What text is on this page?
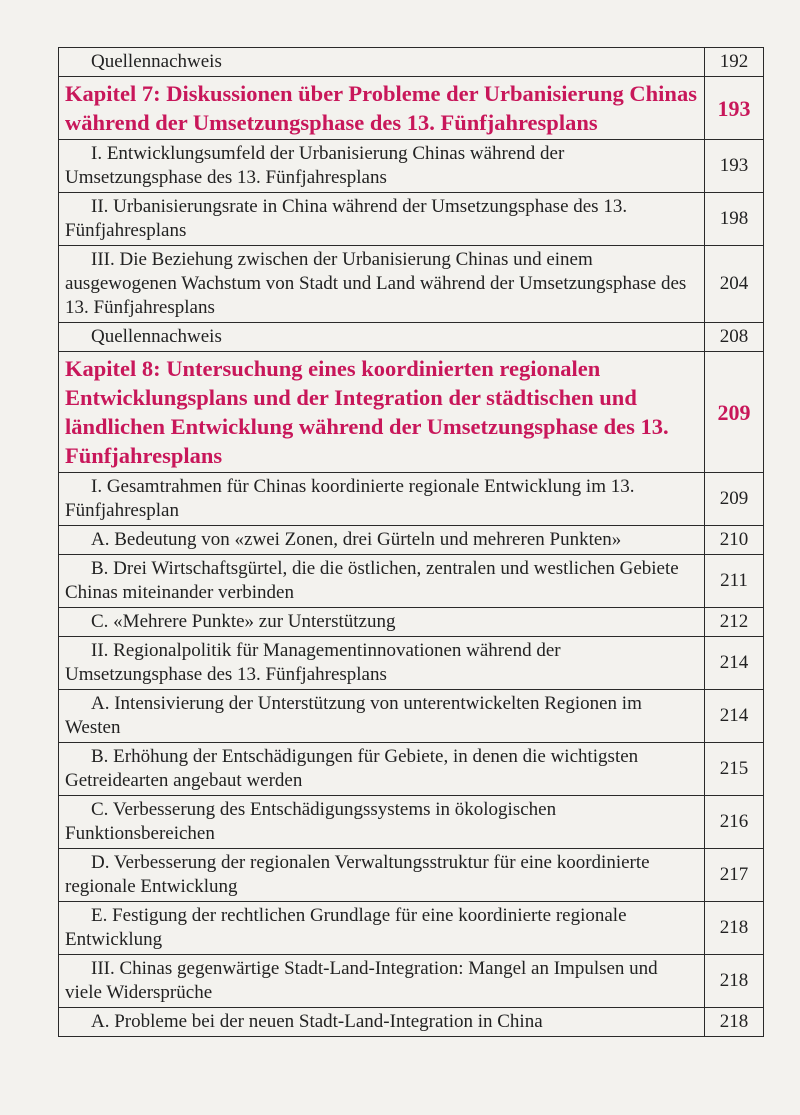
Quellennachweis	192
Kapitel 7: Diskussionen über Probleme der Urbanisierung Chinas während der Umsetzungsphase des 13. Fünfjahresplans	193
I. Entwicklungsumfeld der Urbanisierung Chinas während der Umsetzungsphase des 13. Fünfjahresplans	193
II. Urbanisierungsrate in China während der Umsetzungsphase des 13. Fünfjahresplans	198
III. Die Beziehung zwischen der Urbanisierung Chinas und einem ausgewogenen Wachstum von Stadt und Land während der Umsetzungsphase des 13. Fünfjahresplans	204
Quellennachweis	208
Kapitel 8: Untersuchung eines koordinierten regionalen Entwicklungsplans und der Integration der städtischen und ländlichen Entwicklung während der Umsetzungsphase des 13. Fünfjahresplans	209
I. Gesamtrahmen für Chinas koordinierte regionale Entwicklung im 13. Fünfjahresplan	209
A. Bedeutung von «zwei Zonen, drei Gürteln und mehreren Punkten»	210
B. Drei Wirtschaftsgürtel, die die östlichen, zentralen und westlichen Gebiete Chinas miteinander verbinden	211
C. «Mehrere Punkte» zur Unterstützung	212
II. Regionalpolitik für Managementinnovationen während der Umsetzungsphase des 13. Fünfjahresplans	214
A. Intensivierung der Unterstützung von unterentwickelten Regionen im Westen	214
B. Erhöhung der Entschädigungen für Gebiete, in denen die wichtigsten Getreidearten angebaut werden	215
C. Verbesserung des Entschädigungssystems in ökologischen Funktionsbereichen	216
D. Verbesserung der regionalen Verwaltungsstruktur für eine koordinierte regionale Entwicklung	217
E. Festigung der rechtlichen Grundlage für eine koordinierte regionale Entwicklung	218
III. Chinas gegenwärtige Stadt-Land-Integration: Mangel an Impulsen und viele Widersprüche	218
A. Probleme bei der neuen Stadt-Land-Integration in China	218
